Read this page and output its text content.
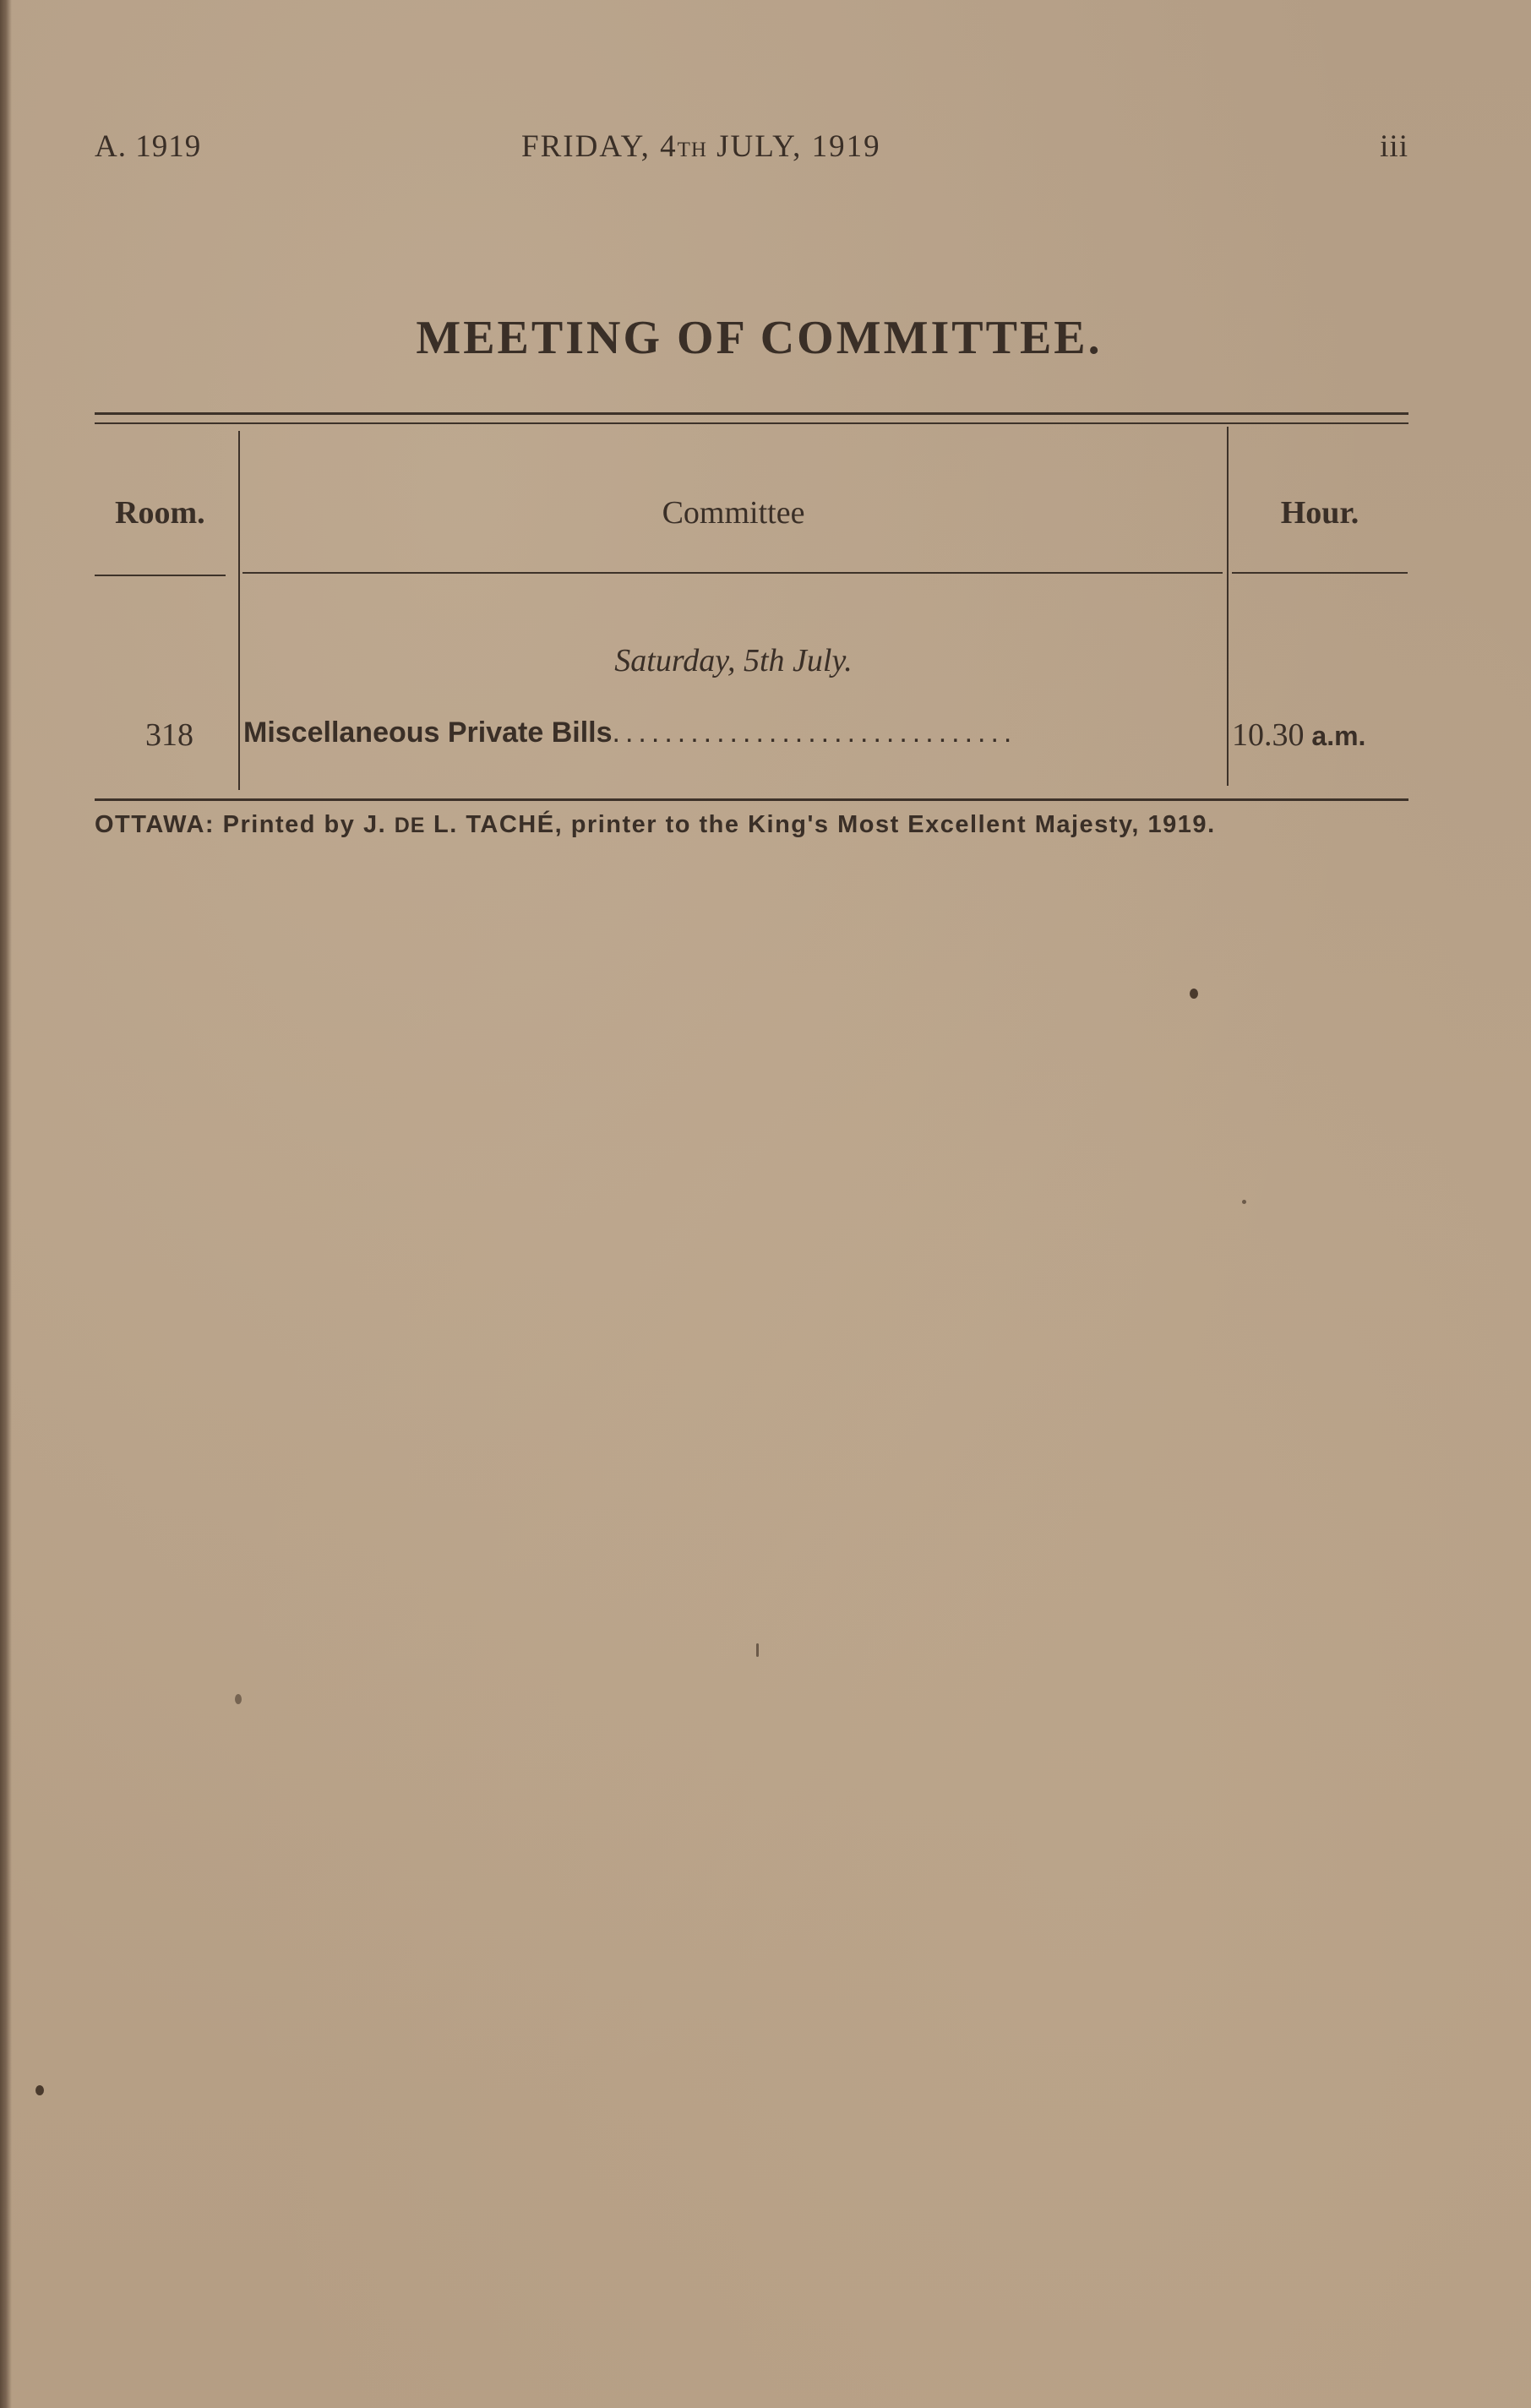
A. 1919	FRIDAY, 4TH JULY, 1919	iii
MEETING OF COMMITTEE.
Room.	Committee	Hour.
Saturday, 5th July.
318 Miscellaneous Private Bills...............................	10.30 a.m.
OTTAWA: Printed by J. DE L. TACHÉ, printer to the King's Most Excellent Majesty, 1919.
